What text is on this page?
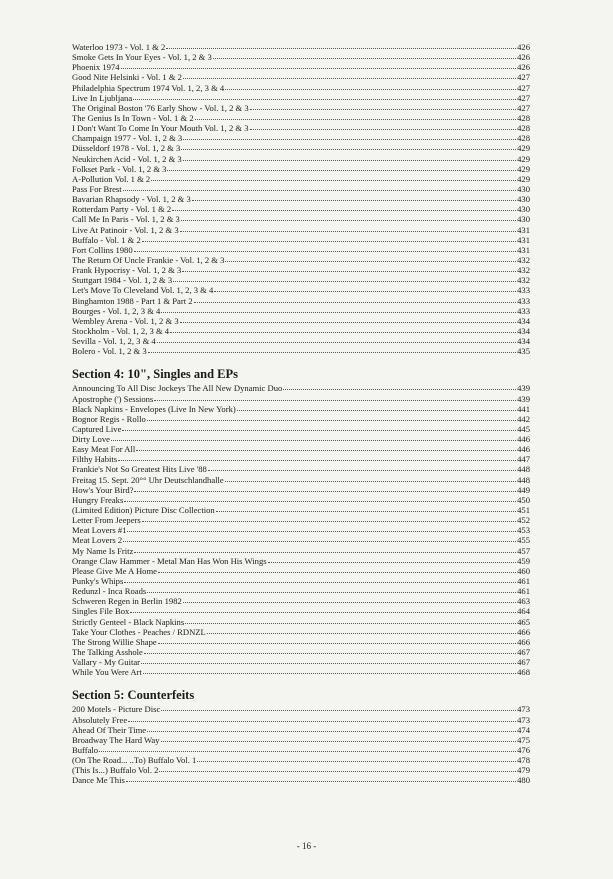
Waterloo 1973 - Vol. 1 & 2	426
Smoke Gets In Your Eyes - Vol. 1, 2 & 3	426
Phoenix 1974	426
Good Nite Helsinki - Vol. 1 & 2	427
Philadelphia Spectrum 1974 Vol. 1, 2, 3 & 4	427
Live In Ljubljana	427
The Original Boston '76 Early Show - Vol. 1, 2 & 3	427
The Genius Is In Town - Vol. 1 & 2	428
I Don't Want To Come In Your Mouth Vol. 1, 2 & 3	428
Champaign 1977 - Vol. 1, 2 & 3	428
Düsseldorf 1978 - Vol. 1, 2 & 3	429
Neukirchen Acid - Vol. 1, 2 & 3	429
Folkset Park - Vol. 1, 2 & 3	429
A-Pollution Vol. 1 & 2	429
Pass For Brest	430
Bavarian Rhapsody - Vol. 1, 2 & 3	430
Rotterdam Party - Vol. 1 & 2	430
Call Me In Paris - Vol. 1, 2 & 3	430
Live At Patinoir - Vol. 1, 2 & 3	431
Buffalo - Vol. 1 & 2	431
Fort Collins 1980	431
The Return Of Uncle Frankie - Vol. 1, 2 & 3	432
Frank Hypocrisy - Vol. 1, 2 & 3	432
Stuttgart 1984 - Vol. 1, 2 & 3	432
Let's Move To Cleveland Vol. 1, 2, 3 & 4	433
Binghamton 1988 - Part 1 & Part 2	433
Bourges - Vol. 1, 2, 3 & 4	433
Wembley Arena - Vol. 1, 2 & 3	434
Stockholm - Vol. 1, 2, 3 & 4	434
Sevilla - Vol. 1, 2, 3 & 4	434
Bolero - Vol. 1, 2 & 3	435
Section 4: 10", Singles and EPs
Announcing To All Disc Jockeys The All New Dynamic Duo	439
Apostrophe (') Sessions	439
Black Napkins - Envelopes (Live In New York)	441
Bognor Regis - Rollo	442
Captured Live	445
Dirty Love	446
Easy Meat For All	446
Filthy Habits	447
Frankie's Not So Greatest Hits Live '88	448
Freitag 15. Sept. 20°° Uhr Deutschlandhalle	448
How's Your Bird?	449
Hungry Freaks	450
(Limited Edition) Picture Disc Collection	451
Letter From Jeepers	452
Meat Lovers #1	453
Meat Lovers 2	455
My Name Is Fritz	457
Orange Claw Hammer - Metal Man Has Won His Wings	459
Please Give Me A Home	460
Punky's Whips	461
Redunzl - Inca Roads	461
Schweren Regen in Berlin 1982	463
Singles File Box	464
Strictly Genteel - Black Napkins	465
Take Your Clothes - Peaches / RDNZL	466
The Strong Willie Shape	466
The Talking Asshole	467
Vallary - My Guitar	467
While You Were Art	468
Section 5: Counterfeits
200 Motels - Picture Disc	473
Absolutely Free	473
Ahead Of Their Time	474
Broadway The Hard Way	475
Buffalo	476
(On The Road... ..To) Buffalo Vol. 1	478
(This Is...) Buffalo Vol. 2	479
Dance Me This	480
- 16 -
